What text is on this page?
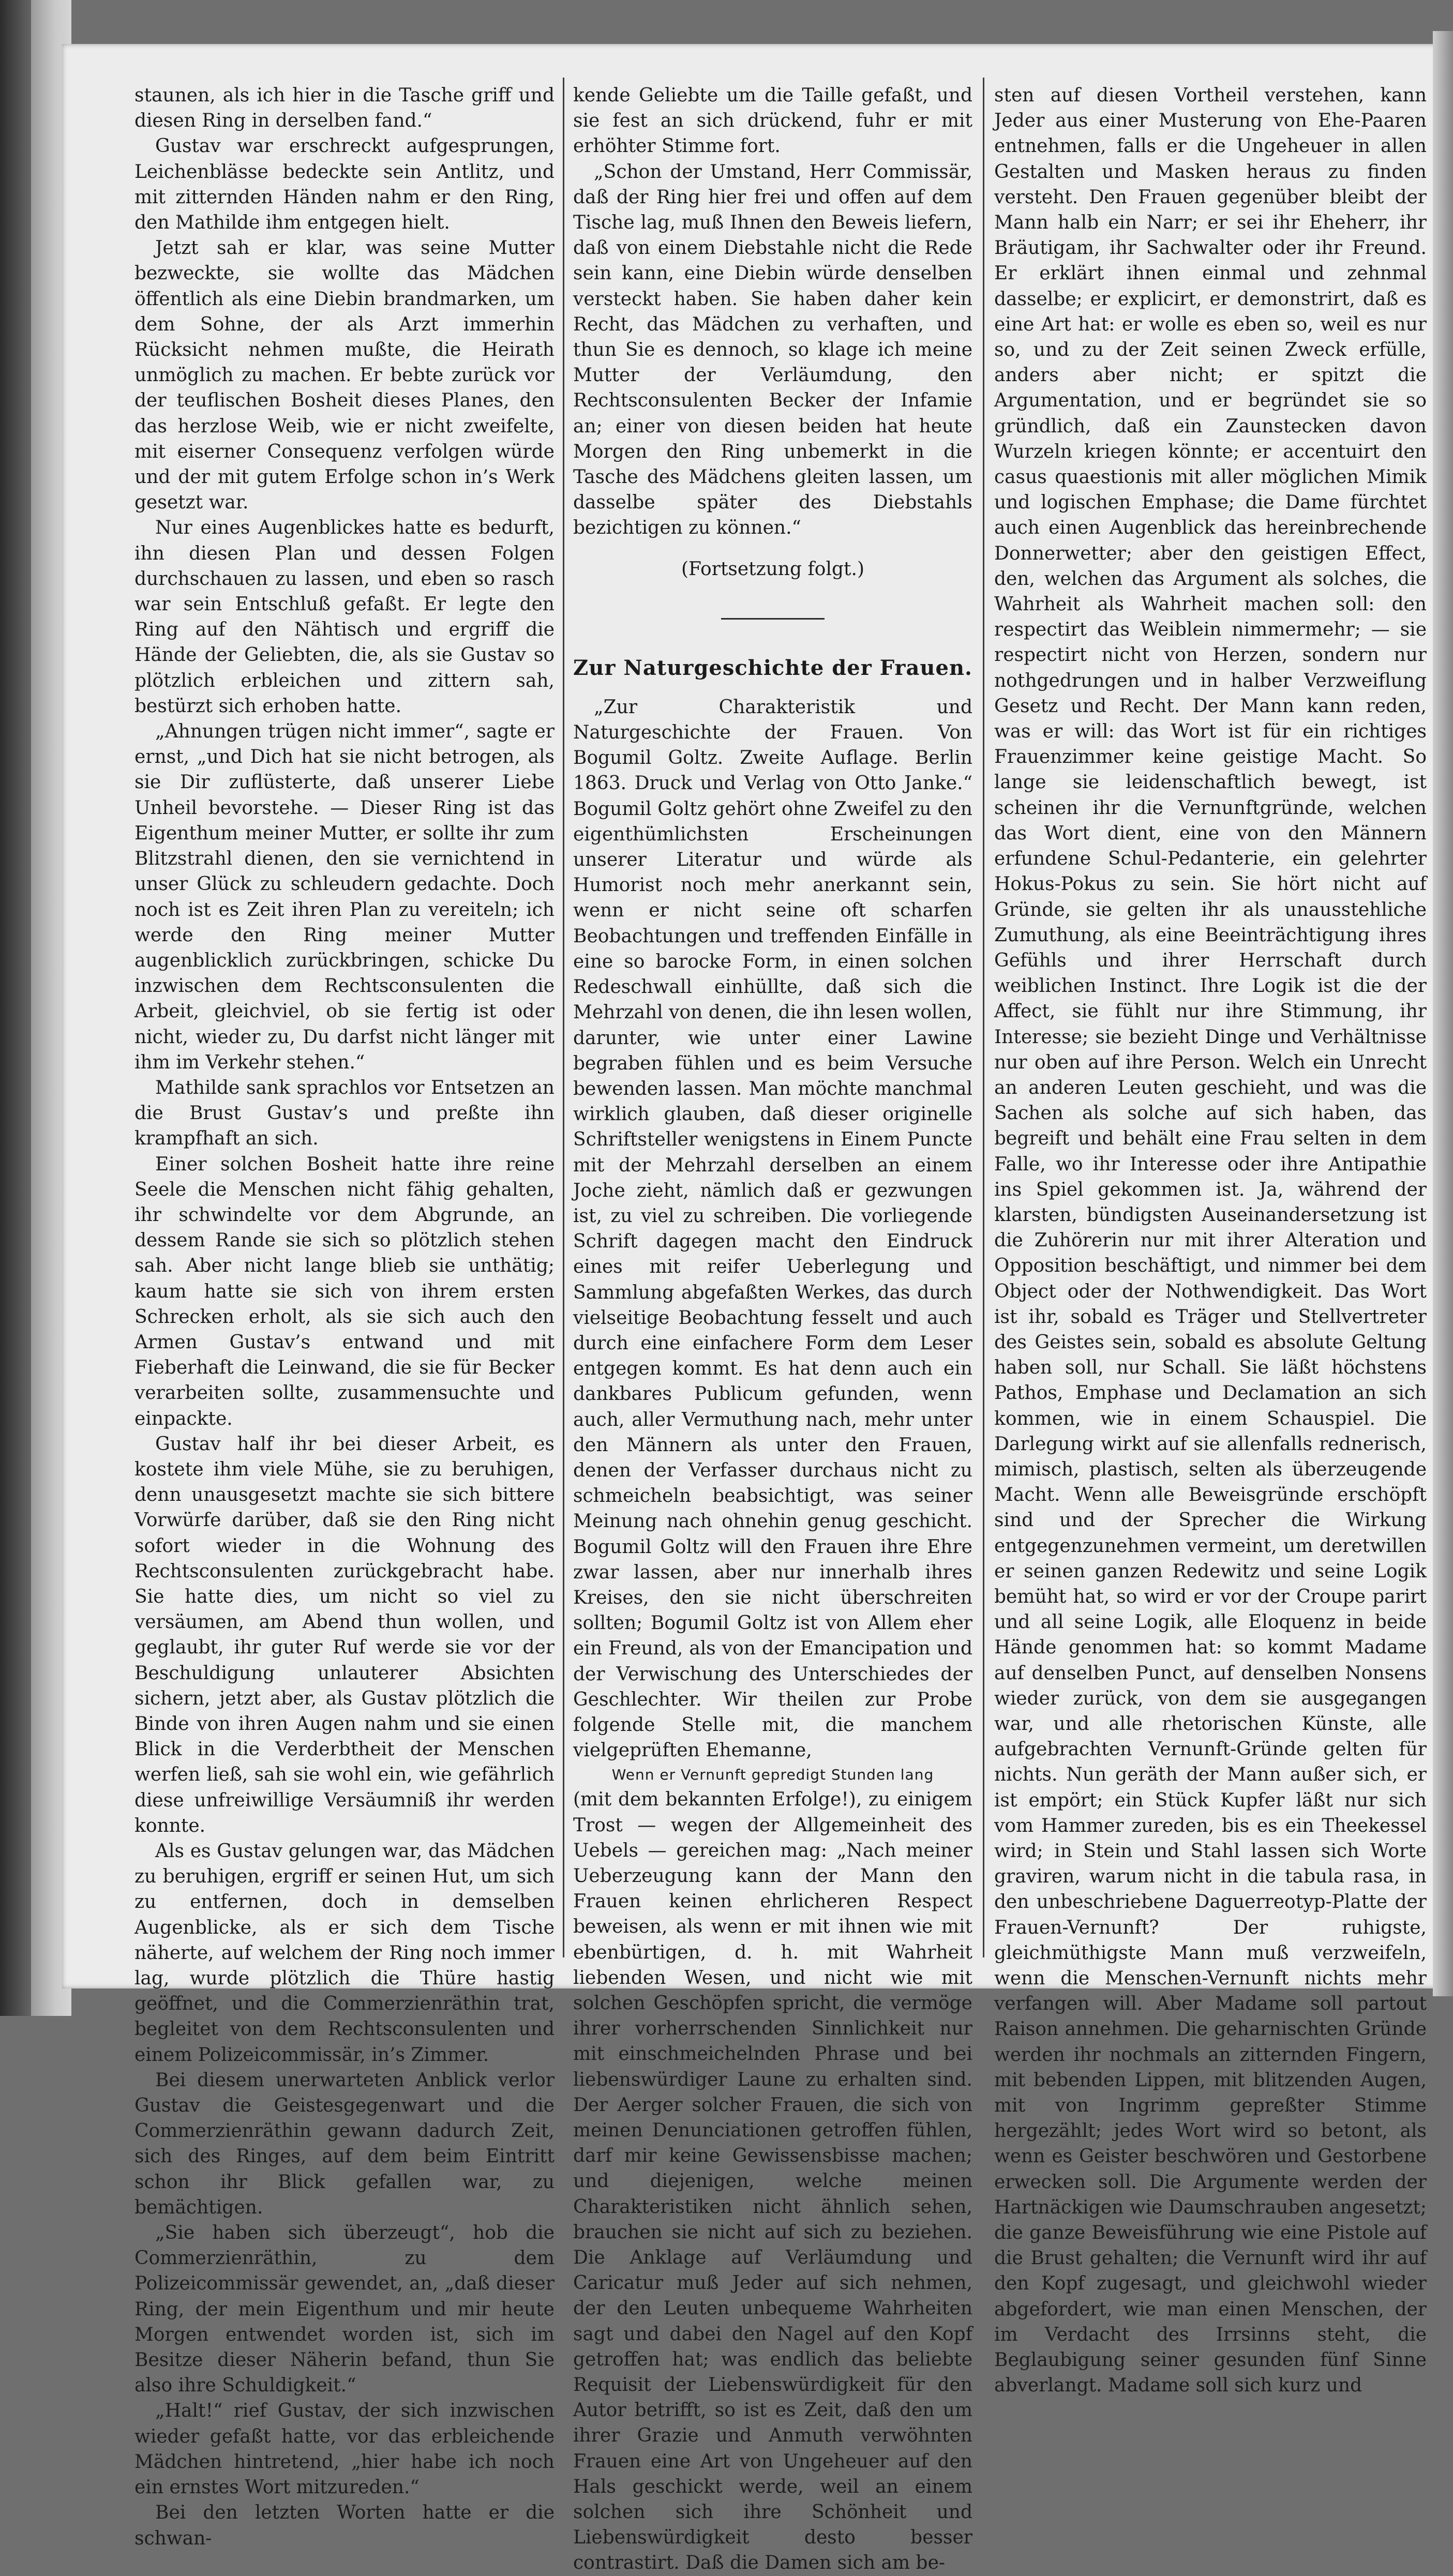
staunen, als ich hier in die Tasche griff und diesen Ring in derselben fand.“

Gustav war erschreckt aufgesprungen, Leichenblässe bedeckte sein Antlitz, und mit zitternden Händen nahm er den Ring, den Mathilde ihm entgegen hielt.

Jetzt sah er klar, was seine Mutter bezweckte, sie wollte das Mädchen öffentlich als eine Diebin brandmarken, um dem Sohne, der als Arzt immerhin Rücksicht nehmen mußte, die Heirath unmöglich zu machen. Er bebte zurück vor der teuflischen Bosheit dieses Planes, den das herzlose Weib, wie er nicht zweifelte, mit eiserner Consequenz verfolgen würde und der mit gutem Erfolge schon in’s Werk gesetzt war.

Nur eines Augenblickes hatte es bedurft, ihn diesen Plan und dessen Folgen durchschauen zu lassen, und eben so rasch war sein Entschluß gefaßt. Er legte den Ring auf den Nähtisch und ergriff die Hände der Geliebten, die, als sie Gustav so plötzlich erbleichen und zittern sah, bestürzt sich erhoben hatte.

„Ahnungen trügen nicht immer“, sagte er ernst, „und Dich hat sie nicht betrogen, als sie Dir zuflüsterte, daß unserer Liebe Unheil bevorstehe. — Dieser Ring ist das Eigenthum meiner Mutter, er sollte ihr zum Blitzstrahl dienen, den sie vernichtend in unser Glück zu schleudern gedachte. Doch noch ist es Zeit ihren Plan zu vereiteln; ich werde den Ring meiner Mutter augenblicklich zurückbringen, schicke Du inzwischen dem Rechtsconsulenten die Arbeit, gleichviel, ob sie fertig ist oder nicht, wieder zu, Du darfst nicht länger mit ihm im Verkehr stehen.“

Mathilde sank sprachlos vor Entsetzen an die Brust Gustav’s und preßte ihn krampfhaft an sich.

Einer solchen Bosheit hatte ihre reine Seele die Menschen nicht fähig gehalten, ihr schwindelte vor dem Abgrunde, an dessem Rande sie sich so plötzlich stehen sah. Aber nicht lange blieb sie unthätig; kaum hatte sie sich von ihrem ersten Schrecken erholt, als sie sich auch den Armen Gustav’s entwand und mit Fieberhaft die Leinwand, die sie für Becker verarbeiten sollte, zusammensuchte und einpackte.

Gustav half ihr bei dieser Arbeit, es kostete ihm viele Mühe, sie zu beruhigen, denn unausgesetzt machte sie sich bittere Vorwürfe darüber, daß sie den Ring nicht sofort wieder in die Wohnung des Rechtsconsulenten zurückgebracht habe. Sie hatte dies, um nicht so viel zu versäumen, am Abend thun wollen, und geglaubt, ihr guter Ruf werde sie vor der Beschuldigung unlauterer Absichten sichern, jetzt aber, als Gustav plötzlich die Binde von ihren Augen nahm und sie einen Blick in die Verderbtheit der Menschen werfen ließ, sah sie wohl ein, wie gefährlich diese unfreiwillige Versäumniß ihr werden konnte.

Als es Gustav gelungen war, das Mädchen zu beruhigen, ergriff er seinen Hut, um sich zu entfernen, doch in demselben Augenblicke, als er sich dem Tische näherte, auf welchem der Ring noch immer lag, wurde plötzlich die Thüre hastig geöffnet, und die Commerzienräthin trat, begleitet von dem Rechtsconsulenten und einem Polizeicommissär, in’s Zimmer.

Bei diesem unerwarteten Anblick verlor Gustav die Geistesgegenwart und die Commerzienräthin gewann dadurch Zeit, sich des Ringes, auf dem beim Eintritt schon ihr Blick gefallen war, zu bemächtigen.

„Sie haben sich überzeugt“, hob die Commerzienräthin, zu dem Polizeicommissär gewendet, an, „daß dieser Ring, der mein Eigenthum und mir heute Morgen entwendet worden ist, sich im Besitze dieser Näherin befand, thun Sie also ihre Schuldigkeit.“

„Halt!“ rief Gustav, der sich inzwischen wieder gefaßt hatte, vor das erbleichende Mädchen hintretend, „hier habe ich noch ein ernstes Wort mitzureden.“

Bei den letzten Worten hatte er die schwan-

kende Geliebte um die Taille gefaßt, und sie fest an sich drückend, fuhr er mit erhöhter Stimme fort.

„Schon der Umstand, Herr Commissär, daß der Ring hier frei und offen auf dem Tische lag, muß Ihnen den Beweis liefern, daß von einem Diebstahle nicht die Rede sein kann, eine Diebin würde denselben versteckt haben. Sie haben daher kein Recht, das Mädchen zu verhaften, und thun Sie es dennoch, so klage ich meine Mutter der Verläumdung, den Rechtsconsulenten Becker der Infamie an; einer von diesen beiden hat heute Morgen den Ring unbemerkt in die Tasche des Mädchens gleiten lassen, um dasselbe später des Diebstahls bezichtigen zu können.“

(Fortsetzung folgt.)

Zur Naturgeschichte der Frauen.

„Zur Charakteristik und Naturgeschichte der Frauen. Von Bogumil Goltz. Zweite Auflage. Berlin 1863. Druck und Verlag von Otto Janke.“ Bogumil Goltz gehört ohne Zweifel zu den eigenthümlichsten Erscheinungen unserer Literatur und würde als Humorist noch mehr anerkannt sein, wenn er nicht seine oft scharfen Beobachtungen und treffenden Einfälle in eine so barocke Form, in einen solchen Redeschwall einhüllte, daß sich die Mehrzahl von denen, die ihn lesen wollen, darunter, wie unter einer Lawine begraben fühlen und es beim Versuche bewenden lassen. Man möchte manchmal wirklich glauben, daß dieser originelle Schriftsteller wenigstens in Einem Puncte mit der Mehrzahl derselben an einem Joche zieht, nämlich daß er gezwungen ist, zu viel zu schreiben. Die vorliegende Schrift dagegen macht den Eindruck eines mit reifer Ueberlegung und Sammlung abgefaßten Werkes, das durch vielseitige Beobachtung fesselt und auch durch eine einfachere Form dem Leser entgegen kommt. Es hat denn auch ein dankbares Publicum gefunden, wenn auch, aller Vermuthung nach, mehr unter den Männern als unter den Frauen, denen der Verfasser durchaus nicht zu schmeicheln beabsichtigt, was seiner Meinung nach ohnehin genug geschicht. Bogumil Goltz will den Frauen ihre Ehre zwar lassen, aber nur innerhalb ihres Kreises, den sie nicht überschreiten sollten; Bogumil Goltz ist von Allem eher ein Freund, als von der Emancipation und der Verwischung des Unterschiedes der Geschlechter. Wir theilen zur Probe folgende Stelle mit, die manchem vielgeprüften Ehemanne,

Wenn er Vernunft gepredigt Stunden lang

(mit dem bekannten Erfolge!), zu einigem Trost — wegen der Allgemeinheit des Uebels — gereichen mag: „Nach meiner Ueberzeugung kann der Mann den Frauen keinen ehrlicheren Respect beweisen, als wenn er mit ihnen wie mit ebenbürtigen, d. h. mit Wahrheit liebenden Wesen, und nicht wie mit solchen Geschöpfen spricht, die vermöge ihrer vorherrschenden Sinnlichkeit nur mit einschmeichelnden Phrase und bei liebenswürdiger Laune zu erhalten sind. Der Aerger solcher Frauen, die sich von meinen Denunciationen getroffen fühlen, darf mir keine Gewissensbisse machen; und diejenigen, welche meinen Charakteristiken nicht ähnlich sehen, brauchen sie nicht auf sich zu beziehen. Die Anklage auf Verläumdung und Caricatur muß Jeder auf sich nehmen, der den Leuten unbequeme Wahrheiten sagt und dabei den Nagel auf den Kopf getroffen hat; was endlich das beliebte Requisit der Liebenswürdigkeit für den Autor betrifft, so ist es Zeit, daß den um ihrer Grazie und Anmuth verwöhnten Frauen eine Art von Ungeheuer auf den Hals geschickt werde, weil an einem solchen sich ihre Schönheit und Liebenswürdigkeit desto besser contrastirt. Daß die Damen sich am be-

sten auf diesen Vortheil verstehen, kann Jeder aus einer Musterung von Ehe-Paaren entnehmen, falls er die Ungeheuer in allen Gestalten und Masken heraus zu finden versteht. Den Frauen gegenüber bleibt der Mann halb ein Narr; er sei ihr Eheherr, ihr Bräutigam, ihr Sachwalter oder ihr Freund. Er erklärt ihnen einmal und zehnmal dasselbe; er explicirt, er demonstrirt, daß es eine Art hat: er wolle es eben so, weil es nur so, und zu der Zeit seinen Zweck erfülle, anders aber nicht; er spitzt die Argumentation, und er begründet sie so gründlich, daß ein Zaunstecken davon Wurzeln kriegen könnte; er accentuirt den casus quaestionis mit aller möglichen Mimik und logischen Emphase; die Dame fürchtet auch einen Augenblick das hereinbrechende Donnerwetter; aber den geistigen Effect, den, welchen das Argument als solches, die Wahrheit als Wahrheit machen soll: den respectirt das Weiblein nimmermehr; — sie respectirt nicht von Herzen, sondern nur nothgedrungen und in halber Verzweiflung Gesetz und Recht. Der Mann kann reden, was er will: das Wort ist für ein richtiges Frauenzimmer keine geistige Macht. So lange sie leidenschaftlich bewegt, ist scheinen ihr die Vernunftgründe, welchen das Wort dient, eine von den Männern erfundene Schul-Pedanterie, ein gelehrter Hokus-Pokus zu sein. Sie hört nicht auf Gründe, sie gelten ihr als unausstehliche Zumuthung, als eine Beeinträchtigung ihres Gefühls und ihrer Herrschaft durch weiblichen Instinct. Ihre Logik ist die der Affect, sie fühlt nur ihre Stimmung, ihr Interesse; sie bezieht Dinge und Verhältnisse nur oben auf ihre Person. Welch ein Unrecht an anderen Leuten geschieht, und was die Sachen als solche auf sich haben, das begreift und behält eine Frau selten in dem Falle, wo ihr Interesse oder ihre Antipathie ins Spiel gekommen ist. Ja, während der klarsten, bündigsten Auseinandersetzung ist die Zuhörerin nur mit ihrer Alteration und Opposition beschäftigt, und nimmer bei dem Object oder der Nothwendigkeit. Das Wort ist ihr, sobald es Träger und Stellvertreter des Geistes sein, sobald es absolute Geltung haben soll, nur Schall. Sie läßt höchstens Pathos, Emphase und Declamation an sich kommen, wie in einem Schauspiel. Die Darlegung wirkt auf sie allenfalls rednerisch, mimisch, plastisch, selten als überzeugende Macht. Wenn alle Beweisgründe erschöpft sind und der Sprecher die Wirkung entgegenzunehmen vermeint, um deretwillen er seinen ganzen Redewitz und seine Logik bemüht hat, so wird er vor der Croupe parirt und all seine Logik, alle Eloquenz in beide Hände genommen hat: so kommt Madame auf denselben Punct, auf denselben Nonsens wieder zurück, von dem sie ausgegangen war, und alle rhetorischen Künste, alle aufgebrachten Vernunft-Gründe gelten für nichts. Nun geräth der Mann außer sich, er ist empört; ein Stück Kupfer läßt nur sich vom Hammer zureden, bis es ein Theekessel wird; in Stein und Stahl lassen sich Worte graviren, warum nicht in die tabula rasa, in den unbeschriebene Daguerreotyp-Platte der Frauen-Vernunft? Der ruhigste, gleichmüthigste Mann muß verzweifeln, wenn die Menschen-Vernunft nichts mehr verfangen will. Aber Madame soll partout Raison annehmen. Die geharnischten Gründe werden ihr nochmals an zitternden Fingern, mit bebenden Lippen, mit blitzenden Augen, mit von Ingrimm gepreßter Stimme hergezählt; jedes Wort wird so betont, als wenn es Geister beschwören und Gestorbene erwecken soll. Die Argumente werden der Hartnäckigen wie Daumschrauben angesetzt; die ganze Beweisführung wie eine Pistole auf die Brust gehalten; die Vernunft wird ihr auf den Kopf zugesagt, und gleichwohl wieder abgefordert, wie man einen Menschen, der im Verdacht des Irrsinns steht, die Beglaubigung seiner gesunden fünf Sinne abverlangt. Madame soll sich kurz und
